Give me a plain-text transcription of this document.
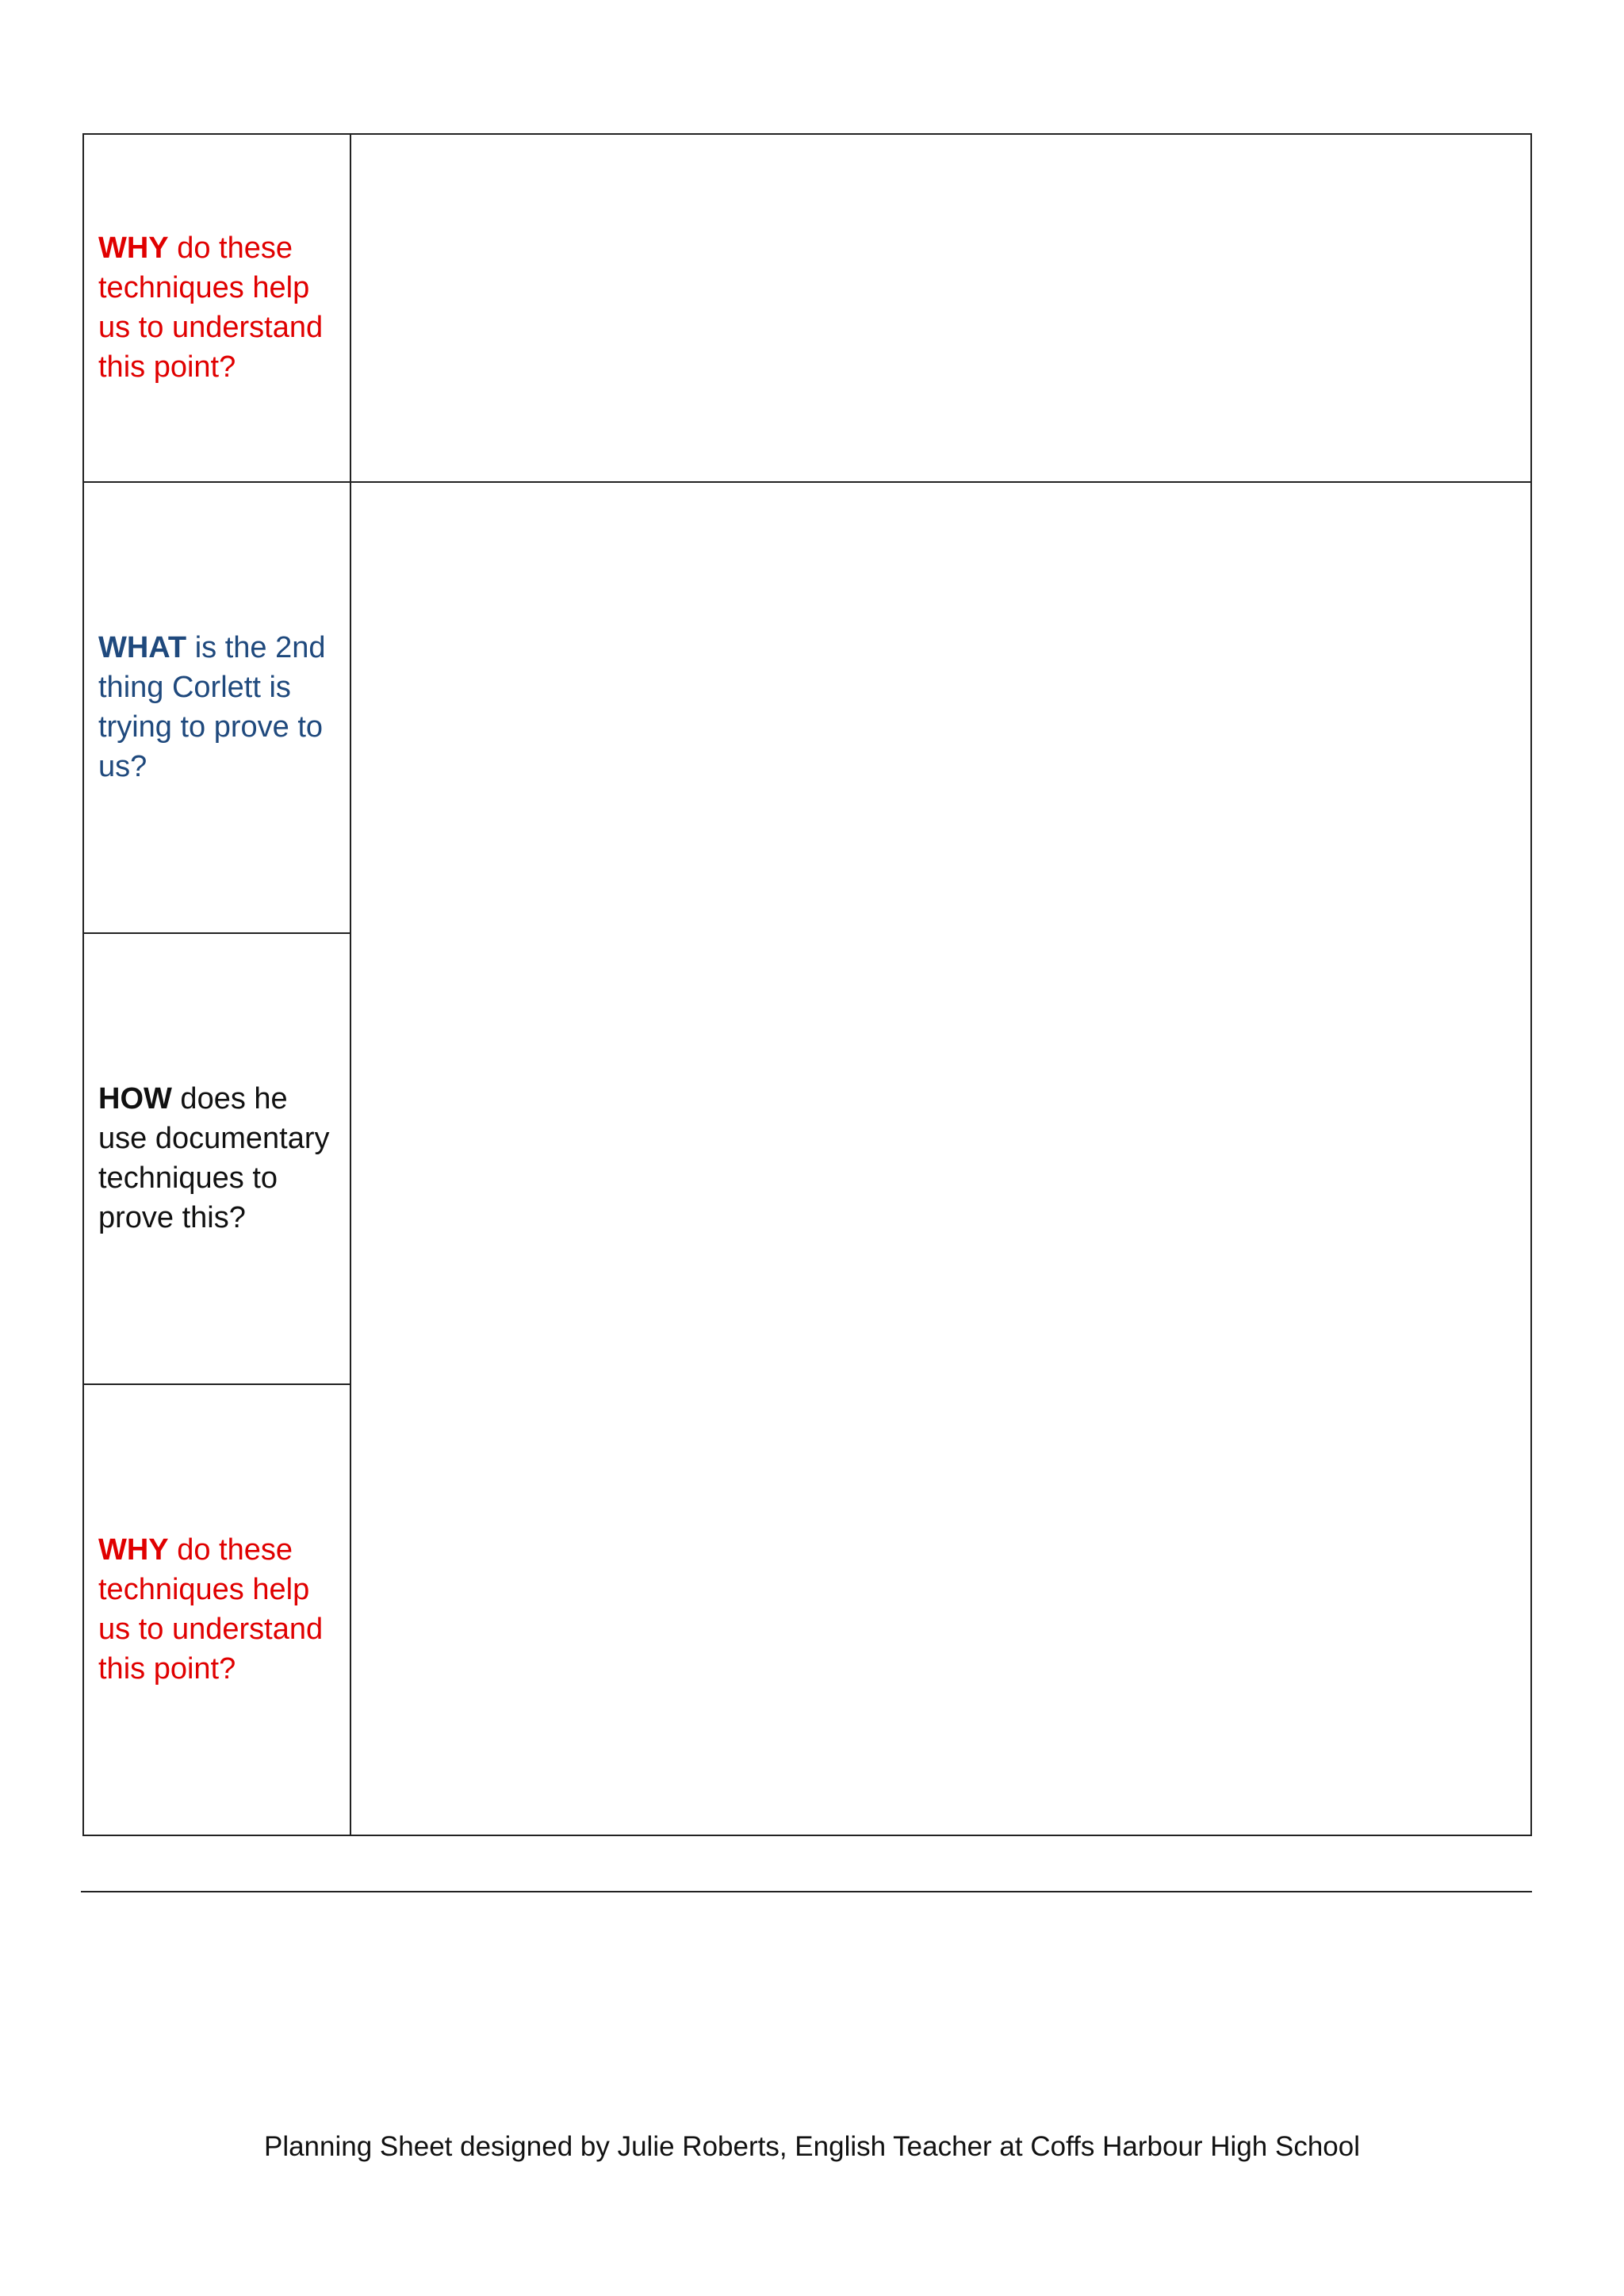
WHY do these techniques help us to understand this point?

WHAT is the 2nd thing Corlett is trying to prove to us?

HOW does he use documentary techniques to prove this?

WHY do these techniques help us to understand this point?

Planning Sheet designed by Julie Roberts, English Teacher at Coffs Harbour High School
